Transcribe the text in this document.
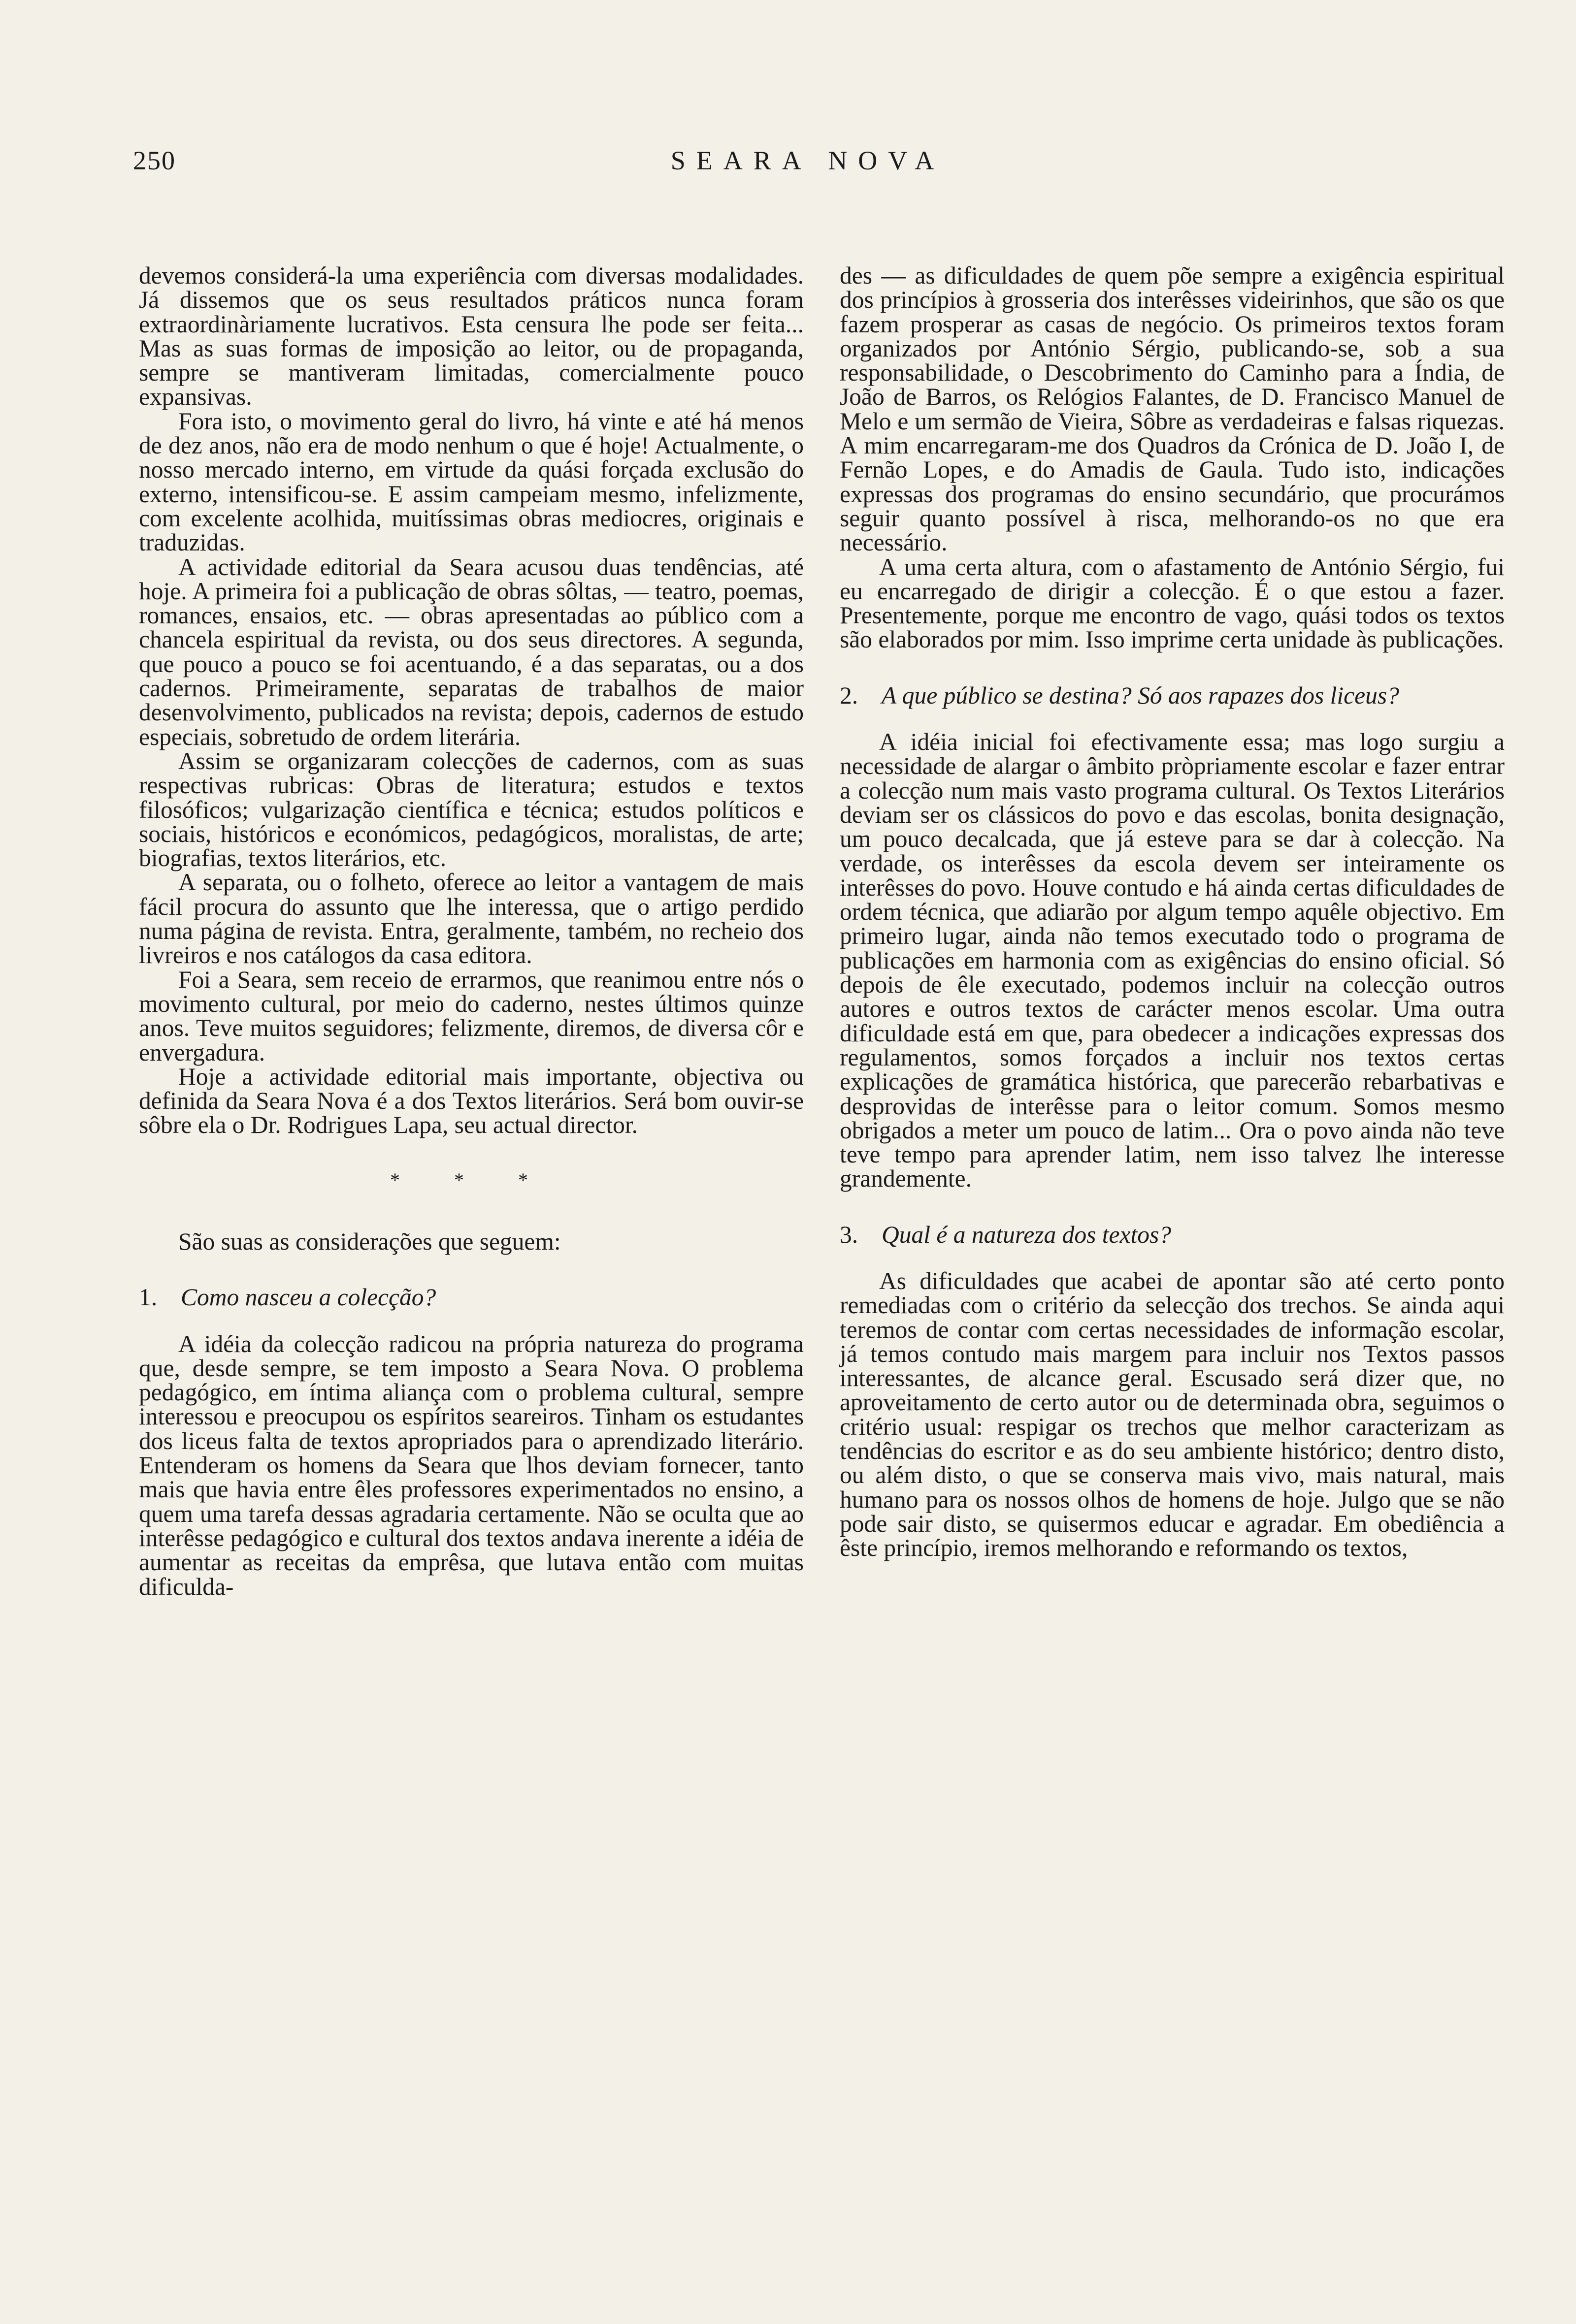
250	SEARA NOVA

devemos considerá-la uma experiência com diversas modalidades. Já dissemos que os seus resultados práticos nunca foram extraordinàriamente lucrativos. Esta censura lhe pode ser feita... Mas as suas formas de imposição ao leitor, ou de propaganda, sempre se mantiveram limitadas, comercialmente pouco expansivas.

Fora isto, o movimento geral do livro, há vinte e até há menos de dez anos, não era de modo nenhum o que é hoje! Actualmente, o nosso mercado interno, em virtude da quási forçada exclusão do externo, intensificou-se. E assim campeiam mesmo, infelizmente, com excelente acolhida, muitíssimas obras mediocres, originais e traduzidas.

A actividade editorial da Seara acusou duas tendências, até hoje. A primeira foi a publicação de obras sôltas, — teatro, poemas, romances, ensaios, etc. — obras apresentadas ao público com a chancela espiritual da revista, ou dos seus directores. A segunda, que pouco a pouco se foi acentuando, é a das separatas, ou a dos cadernos. Primeiramente, separatas de trabalhos de maior desenvolvimento, publicados na revista; depois, cadernos de estudo especiais, sobretudo de ordem literária.

Assim se organizaram colecções de cadernos, com as suas respectivas rubricas: Obras de literatura; estudos e textos filosóficos; vulgarização científica e técnica; estudos políticos e sociais, históricos e económicos, pedagógicos, moralistas, de arte; biografias, textos literários, etc.

A separata, ou o folheto, oferece ao leitor a vantagem de mais fácil procura do assunto que lhe interessa, que o artigo perdido numa página de revista. Entra, geralmente, também, no recheio dos livreiros e nos catálogos da casa editora.

Foi a Seara, sem receio de errarmos, que reanimou entre nós o movimento cultural, por meio do caderno, nestes últimos quinze anos. Teve muitos seguidores; felizmente, diremos, de diversa côr e envergadura.

Hoje a actividade editorial mais importante, objectiva ou definida da Seara Nova é a dos Textos literários. Será bom ouvir-se sôbre ela o Dr. Rodrigues Lapa, seu actual director.

* * *

São suas as considerações que seguem:

1. Como nasceu a colecção?

A idéia da colecção radicou na própria natureza do programa que, desde sempre, se tem imposto a Seara Nova. O problema pedagógico, em íntima aliança com o problema cultural, sempre interessou e preocupou os espíritos seareiros. Tinham os estudantes dos liceus falta de textos apropriados para o aprendizado literário. Entenderam os homens da Seara que lhos deviam fornecer, tanto mais que havia entre êles professores experimentados no ensino, a quem uma tarefa dessas agradaria certamente. Não se oculta que ao interêsse pedagógico e cultural dos textos andava inerente a idéia de aumentar as receitas da emprêsa, que lutava então com muitas dificulda-

des — as dificuldades de quem põe sempre a exigência espiritual dos princípios à grosseria dos interêsses videirinhos, que são os que fazem prosperar as casas de negócio. Os primeiros textos foram organizados por António Sérgio, publicando-se, sob a sua responsabilidade, o Descobrimento do Caminho para a Índia, de João de Barros, os Relógios Falantes, de D. Francisco Manuel de Melo e um sermão de Vieira, Sôbre as verdadeiras e falsas riquezas. A mim encarregaram-me dos Quadros da Crónica de D. João I, de Fernão Lopes, e do Amadis de Gaula. Tudo isto, indicações expressas dos programas do ensino secundário, que procurámos seguir quanto possível à risca, melhorando-os no que era necessário.

A uma certa altura, com o afastamento de António Sérgio, fui eu encarregado de dirigir a colecção. É o que estou a fazer. Presentemente, porque me encontro de vago, quási todos os textos são elaborados por mim. Isso imprime certa unidade às publicações.

2. A que público se destina? Só aos rapazes dos liceus?

A idéia inicial foi efectivamente essa; mas logo surgiu a necessidade de alargar o âmbito pròpriamente escolar e fazer entrar a colecção num mais vasto programa cultural. Os Textos Literários deviam ser os clássicos do povo e das escolas, bonita designação, um pouco decalcada, que já esteve para se dar à colecção. Na verdade, os interêsses da escola devem ser inteiramente os interêsses do povo. Houve contudo e há ainda certas dificuldades de ordem técnica, que adiarão por algum tempo aquêle objectivo. Em primeiro lugar, ainda não temos executado todo o programa de publicações em harmonia com as exigências do ensino oficial. Só depois de êle executado, podemos incluir na colecção outros autores e outros textos de carácter menos escolar. Uma outra dificuldade está em que, para obedecer a indicações expressas dos regulamentos, somos forçados a incluir nos textos certas explicações de gramática histórica, que parecerão rebarbativas e desprovidas de interêsse para o leitor comum. Somos mesmo obrigados a meter um pouco de latim... Ora o povo ainda não teve teve tempo para aprender latim, nem isso talvez lhe interesse grandemente.

3. Qual é a natureza dos textos?

As dificuldades que acabei de apontar são até certo ponto remediadas com o critério da selecção dos trechos. Se ainda aqui teremos de contar com certas necessidades de informação escolar, já temos contudo mais margem para incluir nos Textos passos interessantes, de alcance geral. Escusado será dizer que, no aproveitamento de certo autor ou de determinada obra, seguimos o critério usual: respigar os trechos que melhor caracterizam as tendências do escritor e as do seu ambiente histórico; dentro disto, ou além disto, o que se conserva mais vivo, mais natural, mais humano para os nossos olhos de homens de hoje. Julgo que se não pode sair disto, se quisermos educar e agradar. Em obediência a êste princípio, iremos melhorando e reformando os textos,
